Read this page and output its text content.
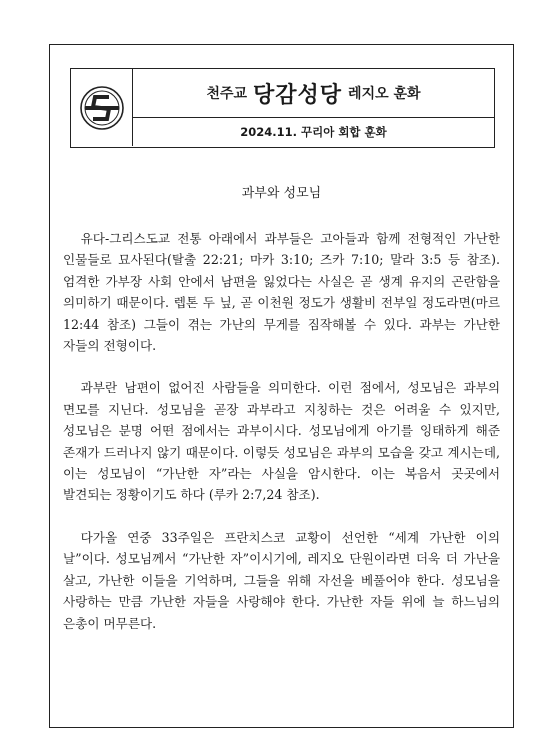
천주교 당감성당 레지오 훈화
2024.11. 꾸리아 회합 훈화
과부와 성모님

유다-그리스도교 전통 아래에서 과부들은 고아들과 함께 전형적인 가난한 인물들로 묘사된다(탈출 22:21; 마카 3:10; 즈카 7:10; 말라 3:5 등 참조). 엄격한 가부장 사회 안에서 남편을 잃었다는 사실은 곧 생계 유지의 곤란함을 의미하기 때문이다. 렙톤 두 닢, 곧 이천원 정도가 생활비 전부일 정도라면(마르 12:44 참조) 그들이 겪는 가난의 무게를 짐작해볼 수 있다. 과부는 가난한 자들의 전형이다.

과부란 남편이 없어진 사람들을 의미한다. 이런 점에서, 성모님은 과부의 면모를 지닌다. 성모님을 곧장 과부라고 지칭하는 것은 어려울 수 있지만, 성모님은 분명 어떤 점에서는 과부이시다. 성모님에게 아기를 잉태하게 해준 존재가 드러나지 않기 때문이다. 이렇듯 성모님은 과부의 모습을 갖고 계시는데, 이는 성모님이 “가난한 자”라는 사실을 암시한다. 이는 복음서 곳곳에서 발견되는 정황이기도 하다 (루카 2:7,24 참조).

다가올 연중 33주일은 프란치스코 교황이 선언한 “세계 가난한 이의 날”이다. 성모님께서 “가난한 자”이시기에, 레지오 단원이라면 더욱 더 가난을 살고, 가난한 이들을 기억하며, 그들을 위해 자선을 베풀어야 한다. 성모님을 사랑하는 만큼 가난한 자들을 사랑해야 한다. 가난한 자들 위에 늘 하느님의 은총이 머무른다.
